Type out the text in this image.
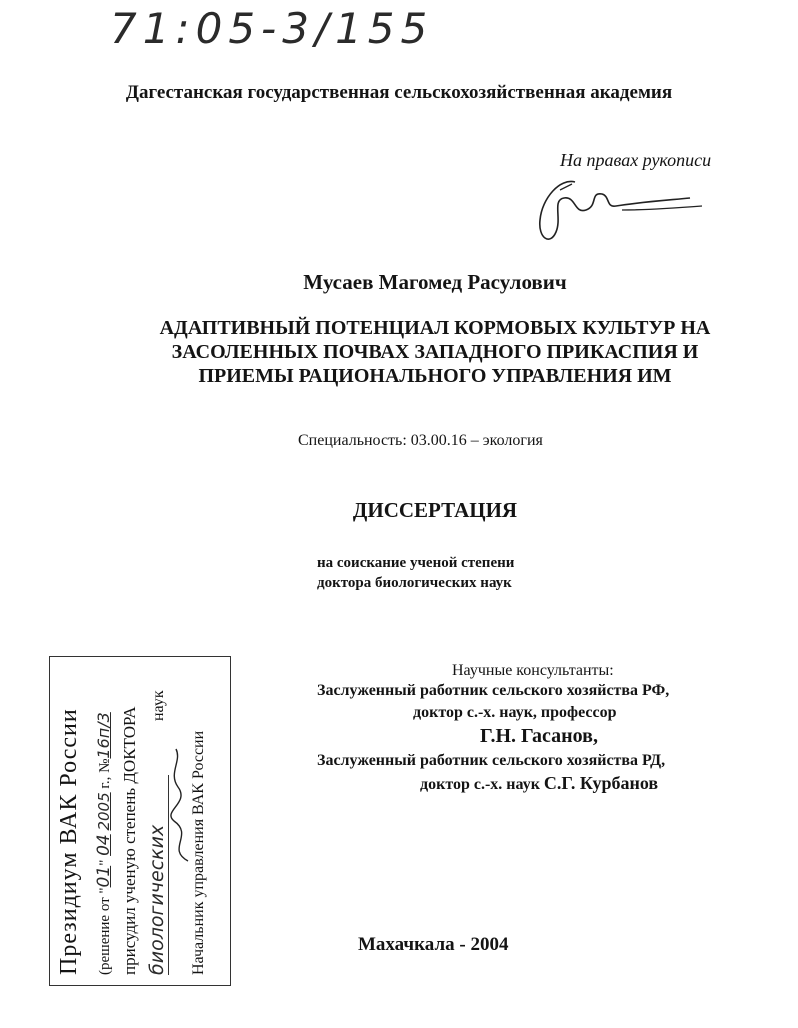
71:05-3/155
Дагестанская государственная сельскохозяйственная академия
На правах рукописи
Мусаев Магомед Расулович
АДАПТИВНЫЙ ПОТЕНЦИАЛ КОРМОВЫХ КУЛЬТУР НА
ЗАСОЛЕННЫХ ПОЧВАХ ЗАПАДНОГО ПРИКАСПИЯ И
ПРИЕМЫ РАЦИОНАЛЬНОГО УПРАВЛЕНИЯ ИМ
Специальность: 03.00.16 – экология
ДИССЕРТАЦИЯ
на соискание ученой степени
доктора биологических наук
Научные консультанты:
Заслуженный работник сельского хозяйства РФ,
доктор с.-х. наук, профессор
Г.Н. Гасанов,
Заслуженный работник сельского хозяйства РД,
доктор с.-х. наук С.Г. Курбанов
Махачкала - 2004
Президиум ВАК России (решение от "01" 04 2005 г., №16п/3 присудил ученую степень ДОКТОРА биологических наук
Начальник управления ВАК России
